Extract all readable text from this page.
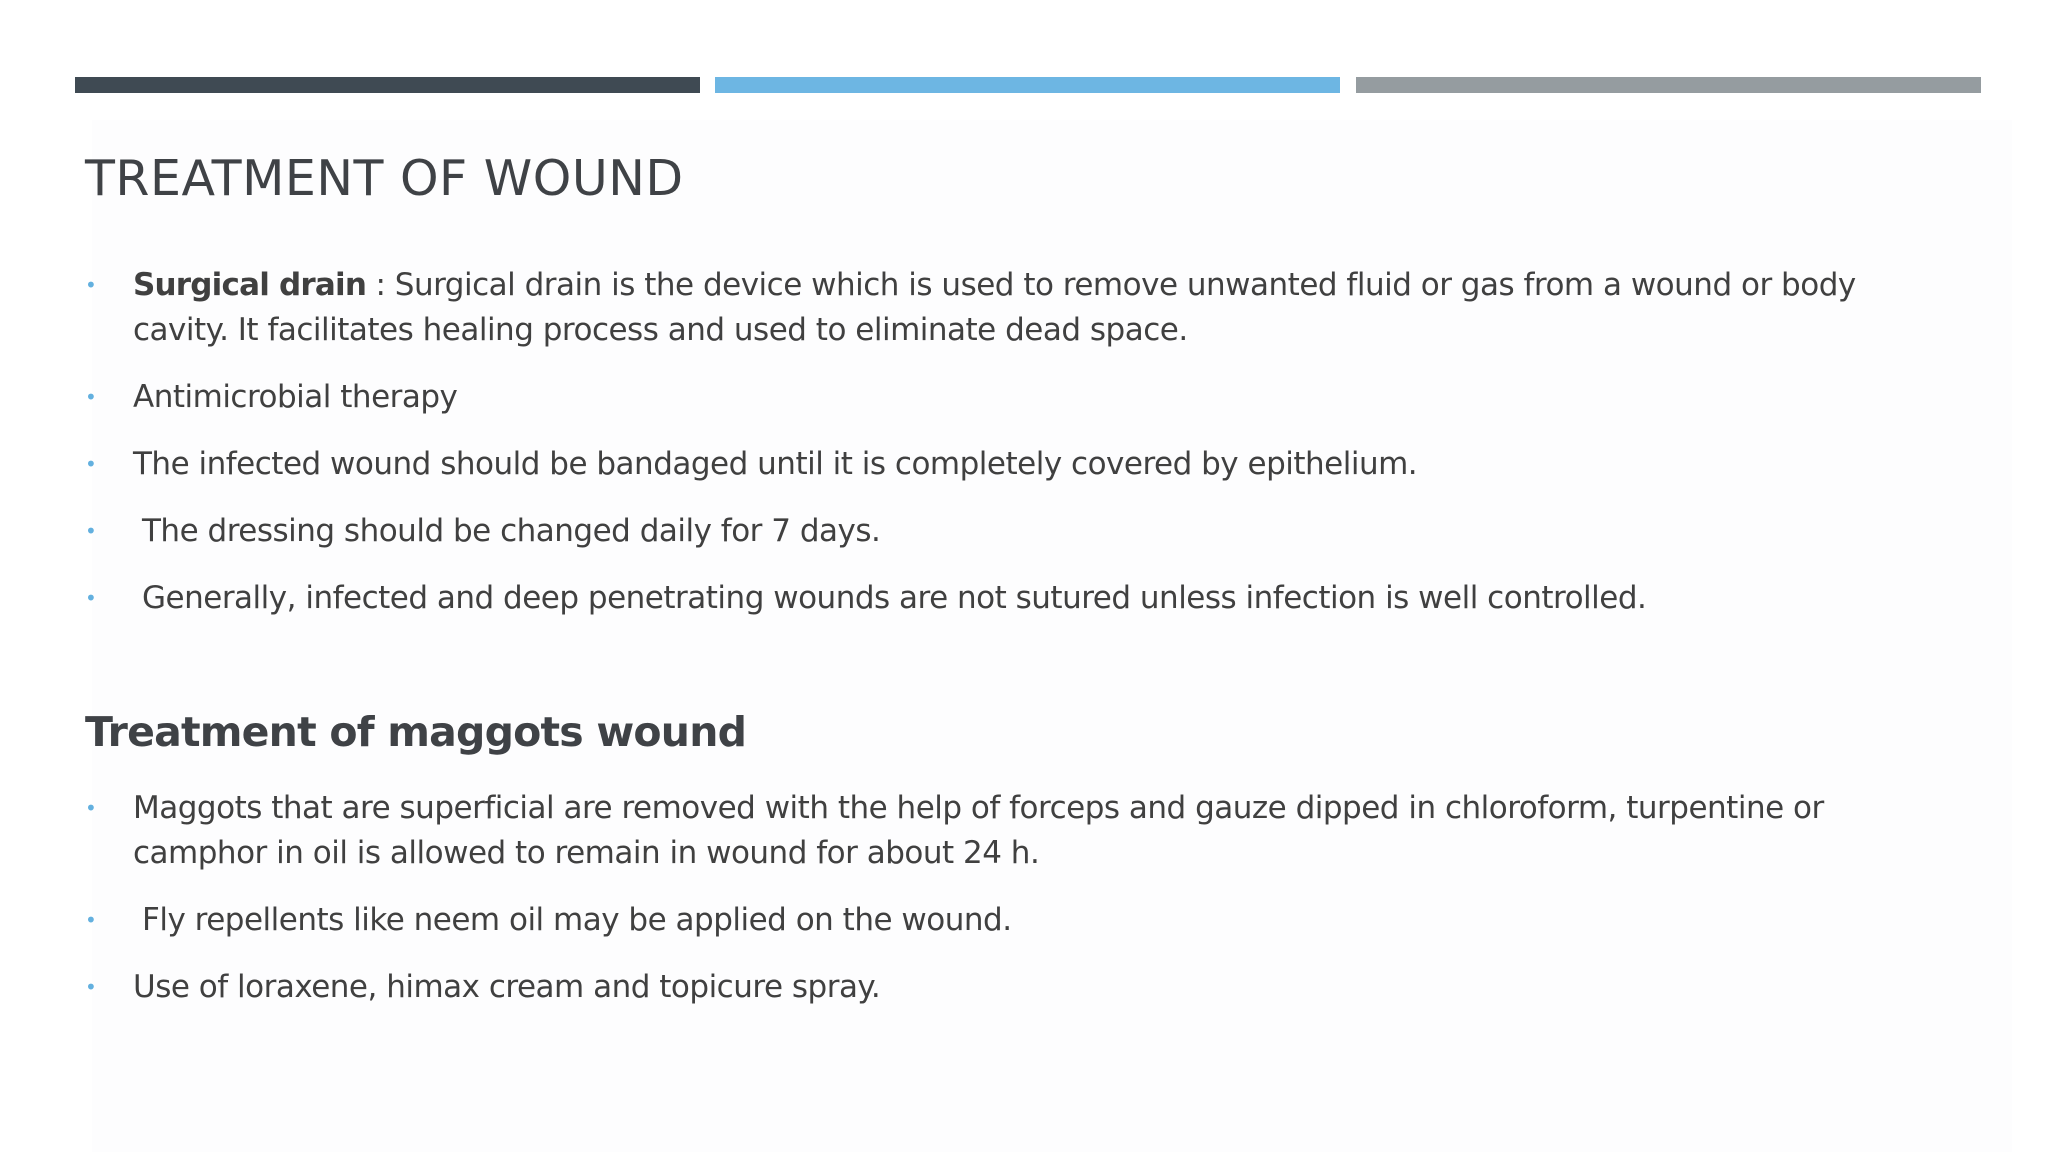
TREATMENT OF WOUND
• Surgical drain : Surgical drain is the device which is used to remove unwanted fluid or gas from a wound or body cavity. It facilitates healing process and used to eliminate dead space.
• Antimicrobial therapy
• The infected wound should be bandaged until it is completely covered by epithelium.
• The dressing should be changed daily for 7 days.
• Generally, infected and deep penetrating wounds are not sutured unless infection is well controlled.
Treatment of maggots wound
• Maggots that are superficial are removed with the help of forceps and gauze dipped in chloroform, turpentine or camphor in oil is allowed to remain in wound for about 24 h.
• Fly repellents like neem oil may be applied on the wound.
• Use of loraxene, himax cream and topicure spray.
